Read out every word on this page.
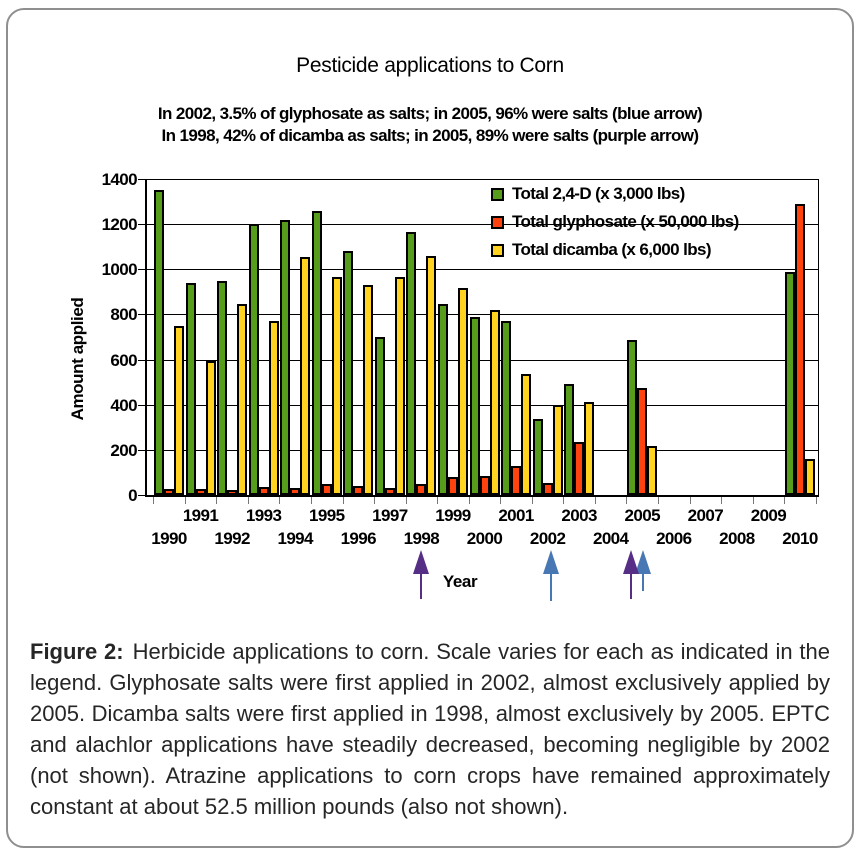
Pesticide applications to Corn
In 2002, 3.5% of glyphosate as salts; in 2005, 96% were salts (blue arrow)
In 1998, 42% of dicamba as salts; in 2005, 89% were salts (purple arrow)
Amount applied
0
200
400
600
800
1000
1200
1400
1990
1991
1992
1993
1994
1995
1996
1997
1998
1999
2000
2001
2002
2003
2004
2005
2006
2007
2008
2009
2010
Total 2,4-D (x 3,000 lbs)
Total glyphosate (x 50,000 lbs)
Total dicamba (x 6,000 lbs)
Year

Figure 2: Herbicide applications to corn. Scale varies for each as indicated in the legend. Glyphosate salts were first applied in 2002, almost exclusively applied by 2005. Dicamba salts were first applied in 1998, almost exclusively by 2005. EPTC and alachlor applications have steadily decreased, becoming negligible by 2002 (not shown). Atrazine applications to corn crops have remained approximately constant at about 52.5 million pounds (also not shown).
